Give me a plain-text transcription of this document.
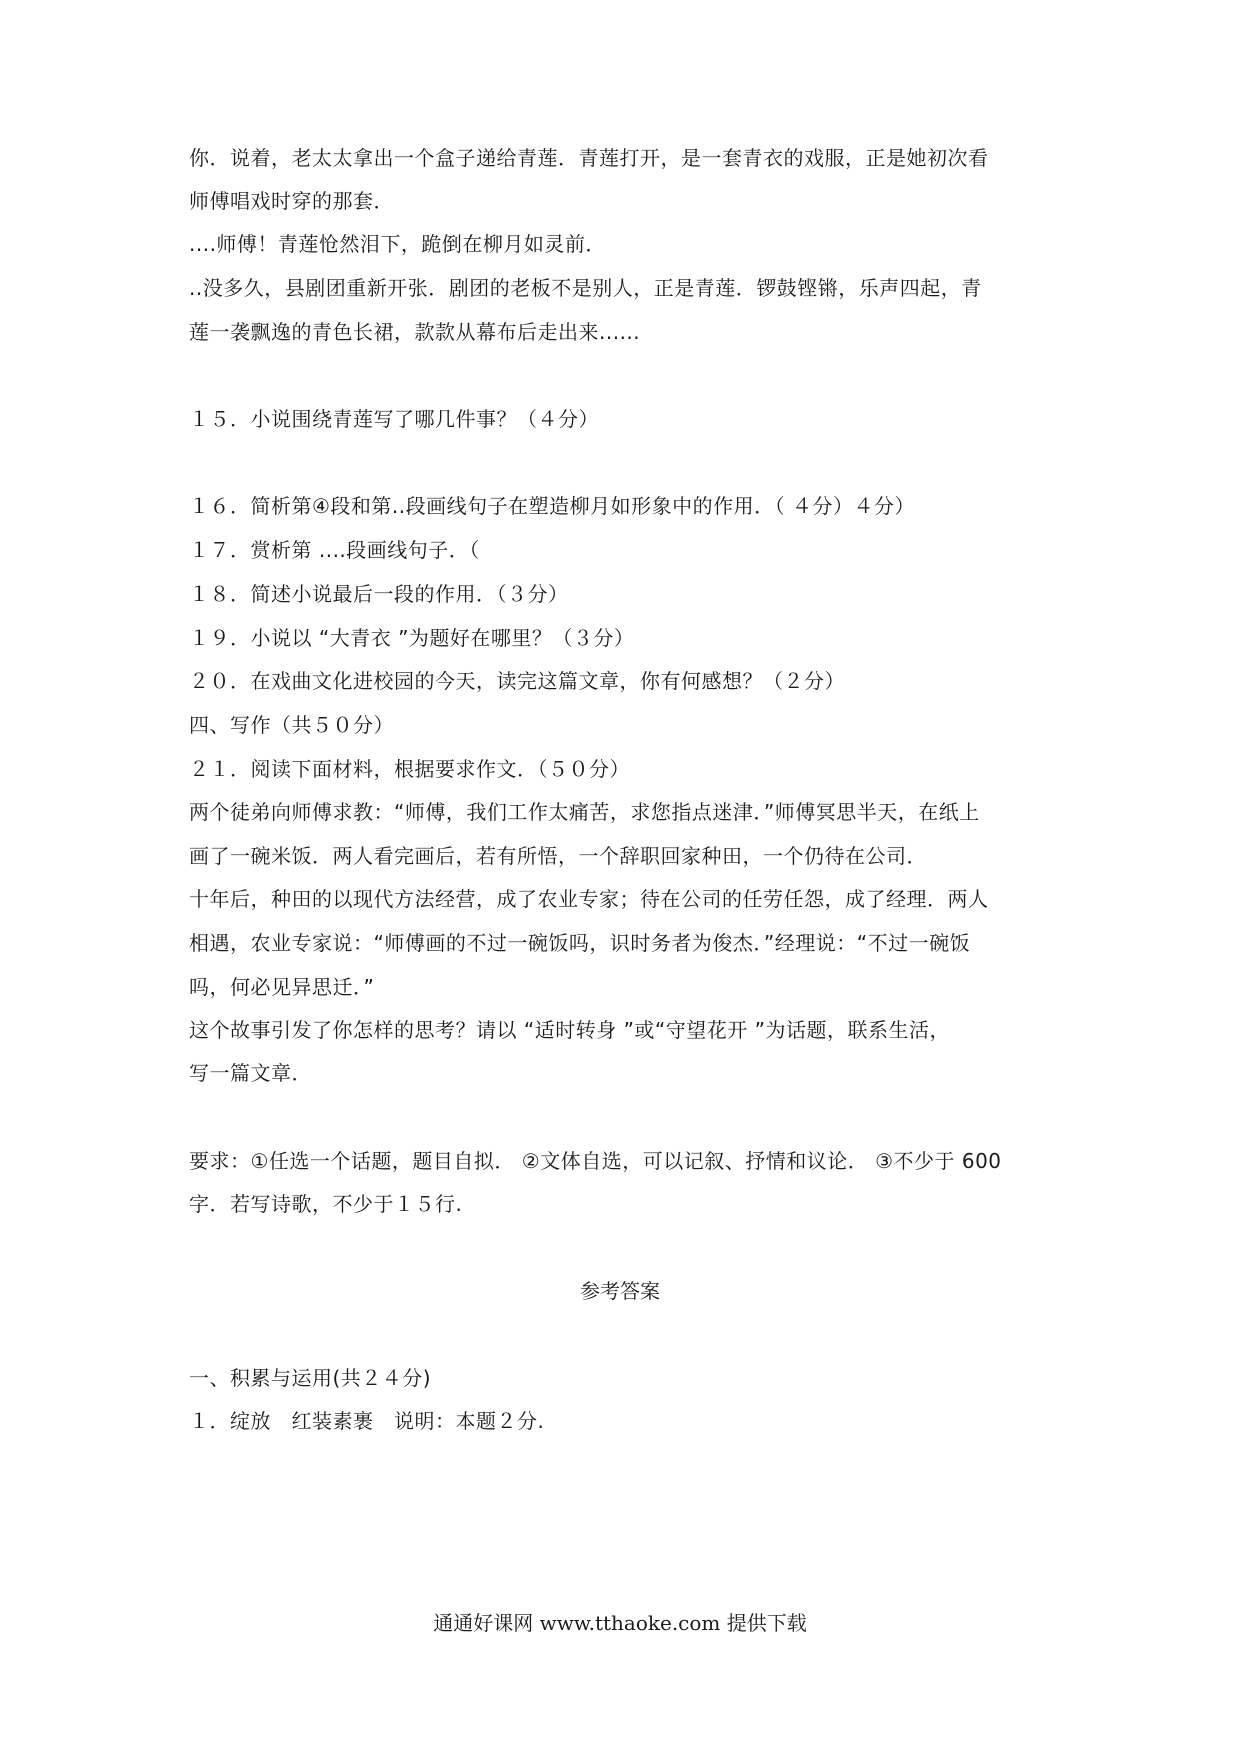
你．说着，老太太拿出一个盒子递给青莲．青莲打开，是一套青衣的戏服，正是她初次看
师傅唱戏时穿的那套．
....师傅！青莲怆然泪下，跪倒在柳月如灵前．
..没多久，县剧团重新开张．剧团的老板不是别人，正是青莲．锣鼓铿锵，乐声四起，青
莲一袭飘逸的青色长裙，款款从幕布后走出来......
１５．小说围绕青莲写了哪几件事？（４分）
１６．简析第④段和第..段画线句子在塑造柳月如形象中的作用．（ ４分）４分）
１７．赏析第 ....段画线句子．（
１８．简述小说最后一段的作用．（３分）
１９．小说以 “大青衣 ”为题好在哪里？（３分）
２０．在戏曲文化进校园的今天，读完这篇文章，你有何感想？（２分）
四、写作（共５０分）
２１．阅读下面材料，根据要求作文．（５０分）
两个徒弟向师傅求教：“师傅，我们工作太痛苦，求您指点迷津．”师傅冥思半天，在纸上
画了一碗米饭．两人看完画后，若有所悟，一个辞职回家种田，一个仍待在公司．
十年后，种田的以现代方法经营，成了农业专家；待在公司的任劳任怨，成了经理．两人
相遇，农业专家说：“师傅画的不过一碗饭吗，识时务者为俊杰．”经理说：“不过一碗饭
吗，何必见异思迁．”
这个故事引发了你怎样的思考？请以 “适时转身 ”或“守望花开 ”为话题，联系生活，
写一篇文章．
要求：①任选一个话题，题目自拟． ②文体自选，可以记叙、抒情和议论． ③不少于 600
字．若写诗歌，不少于１５行.
参考答案
一、积累与运用(共２４分)
１．绽放　红装素裹　说明：本题２分.
通通好课网 www.tthaoke.com 提供下载
